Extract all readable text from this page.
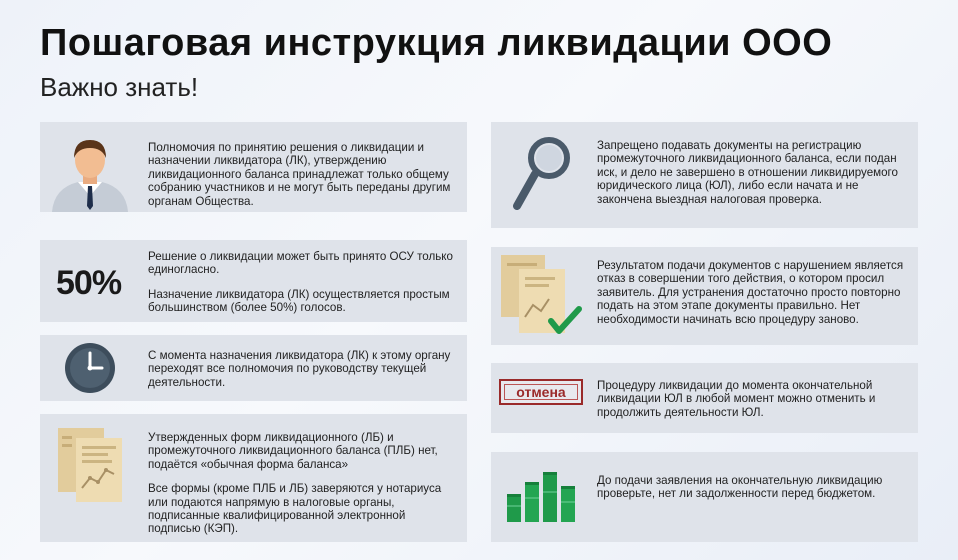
Пошаговая инструкция ликвидации ООО
Важно знать!

Полномочия по принятию решения о ликвидации и назначении ликвидатора (ЛК), утверждению ликвидационного баланса принадлежат только общему собранию участников и не могут быть переданы другим органам Общества.

50%

Решение о ликвидации может быть принято ОСУ только единогласно.

Назначение ликвидатора (ЛК) осуществляется простым большинством (более 50%) голосов.

С момента назначения ликвидатора (ЛК) к этому органу переходят все полномочия по руководству текущей деятельности.

Утвержденных форм ликвидационного (ЛБ) и промежуточного ликвидационного баланса (ПЛБ) нет, подаётся «обычная форма баланса»

Все формы (кроме ПЛБ и ЛБ) заверяются у нотариуса или подаются напрямую в налоговые органы, подписанные квалифицированной электронной подписью (КЭП).

Запрещено подавать документы на регистрацию промежуточного ликвидационного баланса, если подан иск, и дело не завершено в отношении ликвидируемого юридического лица (ЮЛ), либо если начата и не закончена выездная налоговая проверка.

Результатом подачи документов с нарушением является отказ в совершении того действия, о котором просил заявитель. Для устранения достаточно просто повторно подать на этом этапе документы правильно. Нет необходимости начинать всю процедуру заново.

отмена	Процедуру ликвидации до момента окончательной ликвидации ЮЛ в любой момент можно отменить и продолжить деятельности ЮЛ.

До подачи заявления на окончательную ликвидацию проверьте, нет ли задолженности перед бюджетом.
